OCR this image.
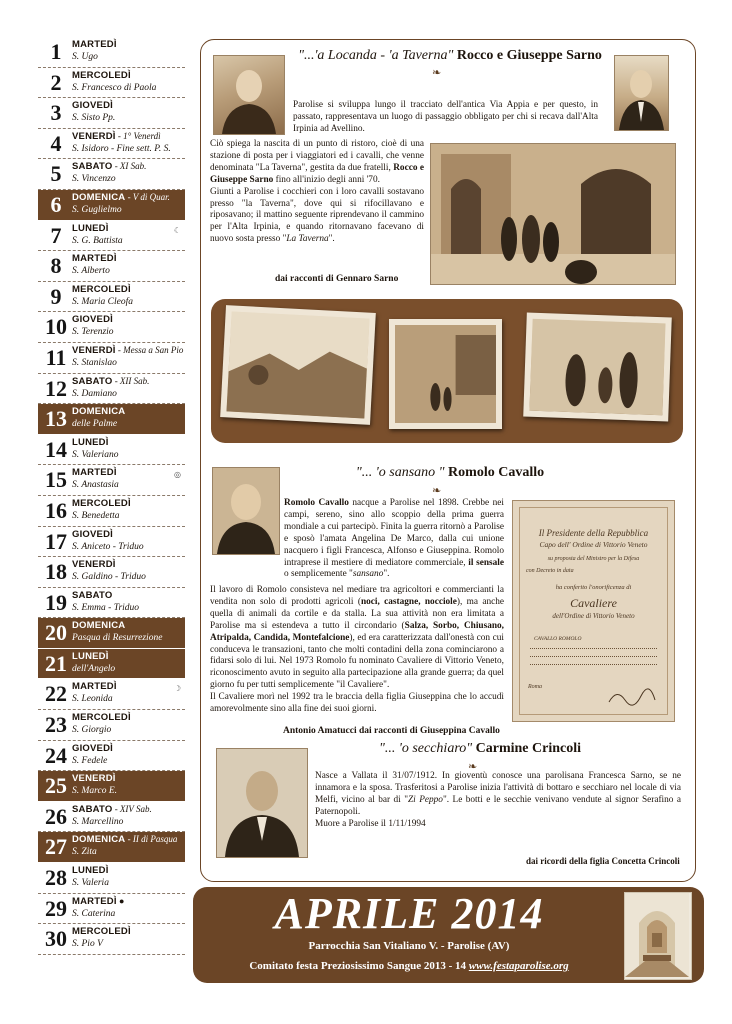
1	MARTEDÌ
S. Ugo
2	MERCOLEDÌ
S. Francesco di Paola
3	GIOVEDÌ
S. Sisto Pp.
4	VENERDÌ - 1° Venerdì
S. Isidoro - Fine sett. P. S.
5	SABATO - XI Sab.
S. Vincenzo
6	DOMENICA - V di Quar.
S. Guglielmo
7	LUNEDÌ
S. G. Battista
☾
8	MARTEDÌ
S. Alberto
9	MERCOLEDÌ
S. Maria Cleofa
10 GIOVEDÌ
S. Terenzio
11 VENERDÌ - Messa a San Pio
S. Stanislao
12 SABATO - XII Sab.
S. Damiano
13 DOMENICA
delle Palme
14 LUNEDÌ
S. Valeriano
15 MARTEDÌ
S. Anastasia
◎
16 MERCOLEDÌ
S. Benedetta
17 GIOVEDÌ
S. Aniceto - Triduo
18 VENERDÌ
S. Galdino - Triduo
19 SABATO
S. Emma - Triduo
20 DOMENICA
Pasqua di Resurrezione
21 LUNEDÌ
dell'Angelo
22 MARTEDÌ
S. Leonida
☽
23 MERCOLEDÌ
S. Giorgio
24 GIOVEDÌ
S. Fedele
25 VENERDÌ
S. Marco E.
26 SABATO - XIV Sab.
S. Marcellino
27 DOMENICA - II di Pasqua
S. Zita
28 LUNEDÌ
S. Valeria
29 MARTEDÌ ●
S. Caterina
30 MERCOLEDÌ
S. Pio V
"...'a Locanda - 'a Taverna" Rocco e Giuseppe Sarno
❧

Parolise si sviluppa lungo il tracciato dell'antica Via Appia e per questo, in passato, rappresentava un luogo di passaggio obbligato per chi si recava dall'Alta Irpinia ad Avellino.

Ciò spiega la nascita di un punto di ristoro, cioè di una stazione di posta per i viaggiatori ed i cavalli, che venne denominata "La Taverna", gestita da due fratelli, Rocco e Giuseppe Sarno fino all'inizio degli anni '70.

Giunti a Parolise i cocchieri con i loro cavalli sostavano presso "la Taverna", dove qui si rifocillavano e riposavano; il mattino seguente riprendevano il cammino per l'Alta Irpinia, e quando ritornavano facevano di nuovo sosta presso "La Taverna".

dai racconti di Gennaro Sarno
"... 'o sansano " Romolo Cavallo
❧

Romolo Cavallo nacque a Parolise nel 1898. Crebbe nei campi, sereno, sino allo scoppio della prima guerra mondiale a cui partecipò. Finita la guerra ritornò a Parolise e sposò l'amata Angelina De Marco, dalla cui unione nacquero i figli Francesca, Alfonso e Giuseppina. Romolo intraprese il mestiere di mediatore commerciale, il sensale o semplicemente "sansano".

Il lavoro di Romolo consisteva nel mediare tra agricoltori e commercianti la vendita non solo di prodotti agricoli (noci, castagne, nocciole), ma anche quella di animali da cortile e da stalla. La sua attività non era limitata a Parolise ma si estendeva a tutto il circondario (Salza, Sorbo, Chiusano, Atripalda, Candida, Montefalcione), ed era caratterizzata dall'onestà con cui conduceva le transazioni, tanto che molti contadini della zona cominciarono a fidarsi solo di lui. Nel 1973 Romolo fu nominato Cavaliere di Vittorio Veneto, riconoscimento avuto in seguito alla partecipazione alla grande guerra; da quel giorno fu per tutti semplicemente "il Cavaliere".

Il Cavaliere morì nel 1992 tra le braccia della figlia Giuseppina che lo accudì amorevolmente sino alla fine dei suoi giorni.

Antonio Amatucci dai racconti di Giuseppina Cavallo
Il Presidente della Repubblica
Capo dell' Ordine di Vittorio Veneto
su proposta del Ministro per la Difesa
con Decreto in data
ha conferito l'onorificenza di
Cavaliere
dell'Ordine di Vittorio Veneto
CAVALLO ROMOLO
Roma
"... 'o secchiaro" Carmine Crincoli
❧

Nasce a Vallata il 31/07/1912. In gioventù conosce una parolisana Francesca Sarno, se ne innamora e la sposa. Trasferitosi a Parolise inizia l'attività di bottaro e secchiaro nel locale di via Melfi, vicino al bar di "Zi Peppo". Le botti e le secchie venivano vendute al signor Serafino a Paternopoli.

Muore a Parolise il 1/11/1994

dai ricordi della figlia Concetta Crincoli
APRILE 2014
Parrocchia San Vitaliano V. - Parolise (AV)
Comitato festa Preziosissimo Sangue 2013 - 14 www.festaparolise.org
